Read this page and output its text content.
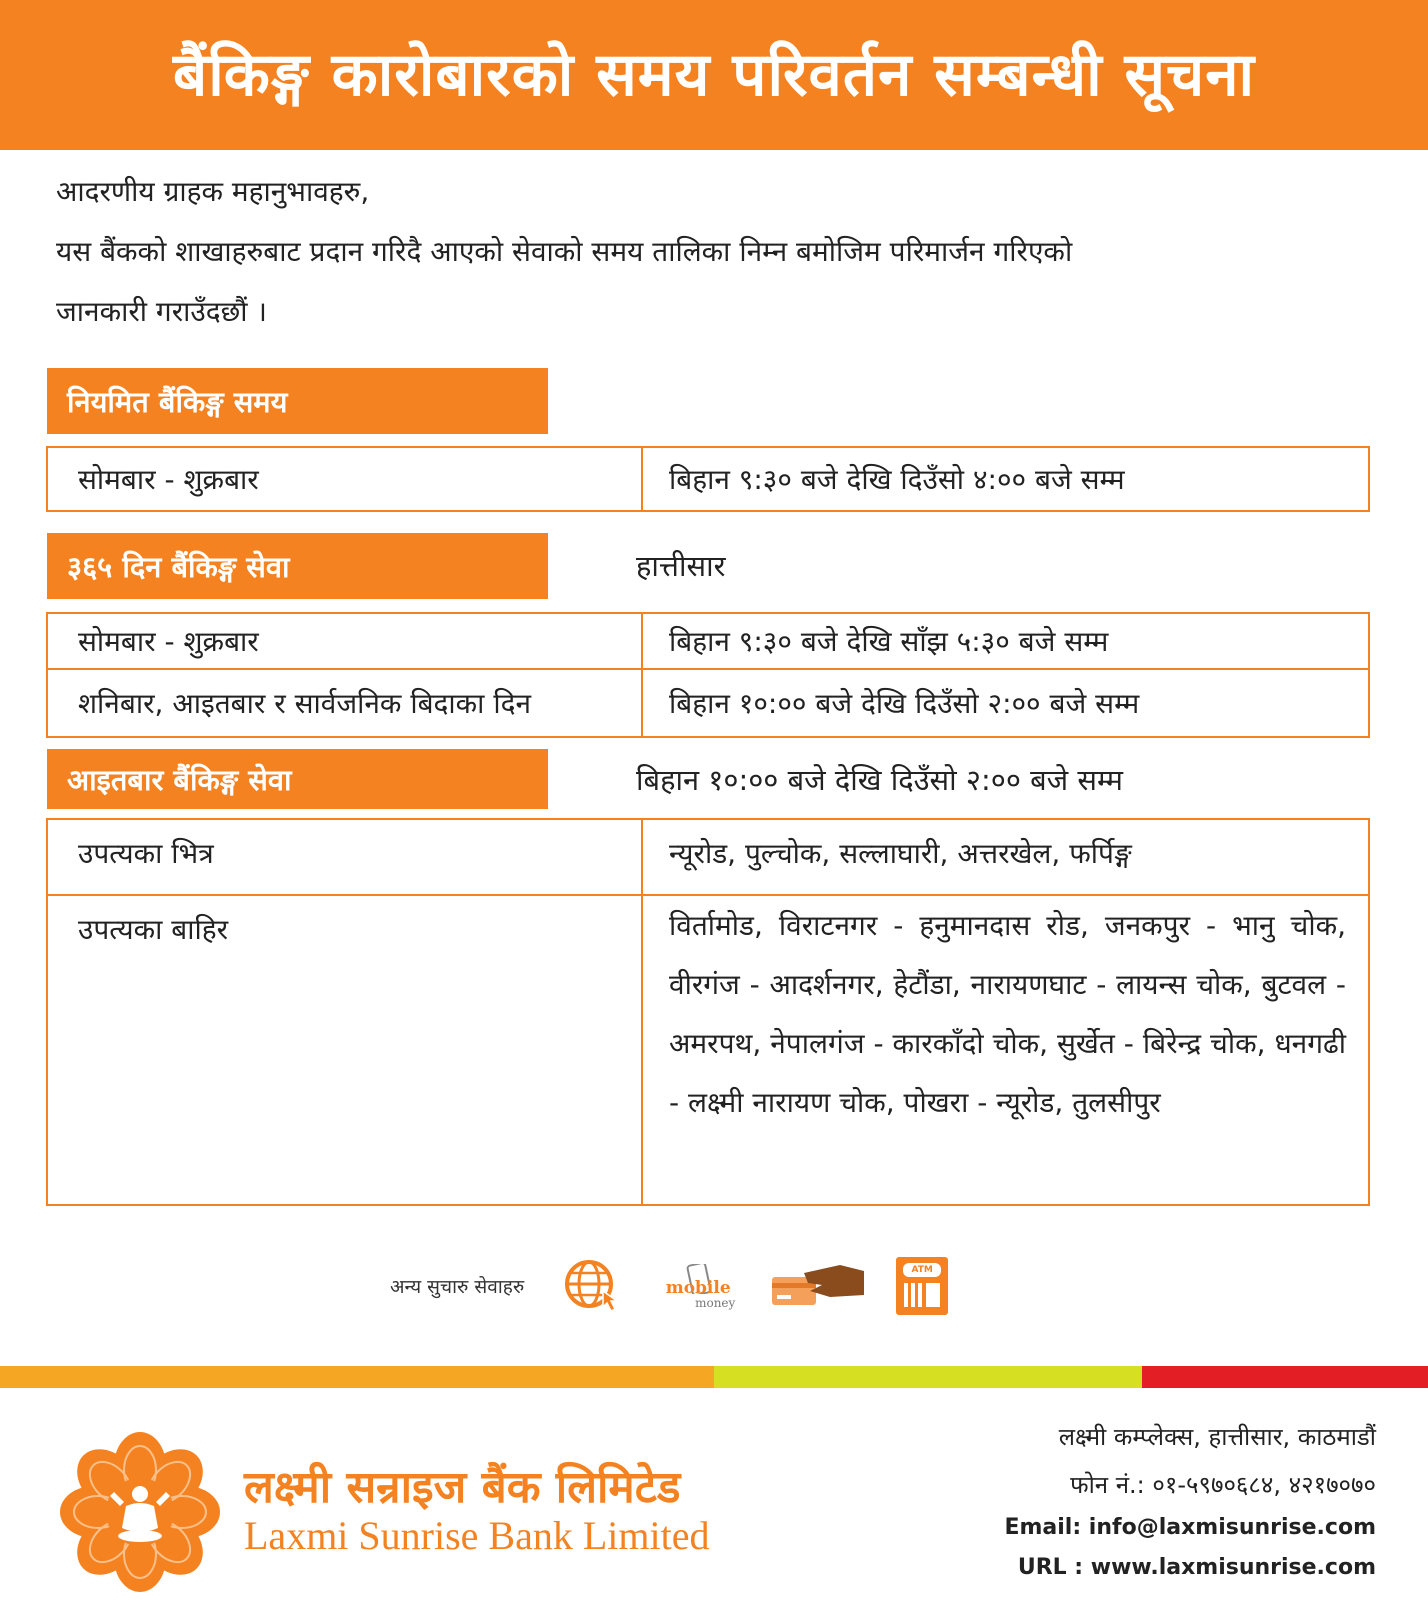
बैंकिङ्ग कारोबारको समय परिवर्तन सम्बन्धी सूचना

आदरणीय ग्राहक महानुभावहरु,

यस बैंकको शाखाहरुबाट प्रदान गरिदै आएको सेवाको समय तालिका निम्न बमोजिम परिमार्जन गरिएको

जानकारी गराउँदछौं ।

नियमित बैंकिङ्ग समय
सोमबार - शुक्रबार	बिहान ९:३० बजे देखि दिउँसो ४:०० बजे सम्म
३६५ दिन बैंकिङ्ग सेवा	हात्तीसार
सोमबार - शुक्रबार	बिहान ९:३० बजे देखि साँझ ५:३० बजे सम्म
शनिबार, आइतबार र सार्वजनिक बिदाका दिन	बिहान १०:०० बजे देखि दिउँसो २:०० बजे सम्म
आइतबार बैंकिङ्ग सेवा	बिहान १०:०० बजे देखि दिउँसो २:०० बजे सम्म
उपत्यका भित्र	न्यूरोड, पुल्चोक, सल्लाघारी, अत्तरखेल, फर्पिङ्ग
उपत्यका बाहिर	विर्तामोड, विराटनगर - हनुमानदास रोड, जनकपुर - भानु चोक, वीरगंज - आदर्शनगर, हेटौंडा, नारायणघाट - लायन्स चोक, बुटवल - अमरपथ, नेपालगंज - कारकाँदो चोक, सुर्खेत - बिरेन्द्र चोक, धनगढी - लक्ष्मी नारायण चोक, पोखरा - न्यूरोड, तुलसीपुर
अन्य सुचारु सेवाहरु	mobile
money
ATM
लक्ष्मी सन्राइज बैंक लिमिटेड
Laxmi Sunrise Bank Limited
लक्ष्मी कम्प्लेक्स, हात्तीसार, काठमाडौं
फोन नं.: ०१-५९७०६८४, ४२१७०७०
Email: info@laxmisunrise.com
URL : www.laxmisunrise.com
